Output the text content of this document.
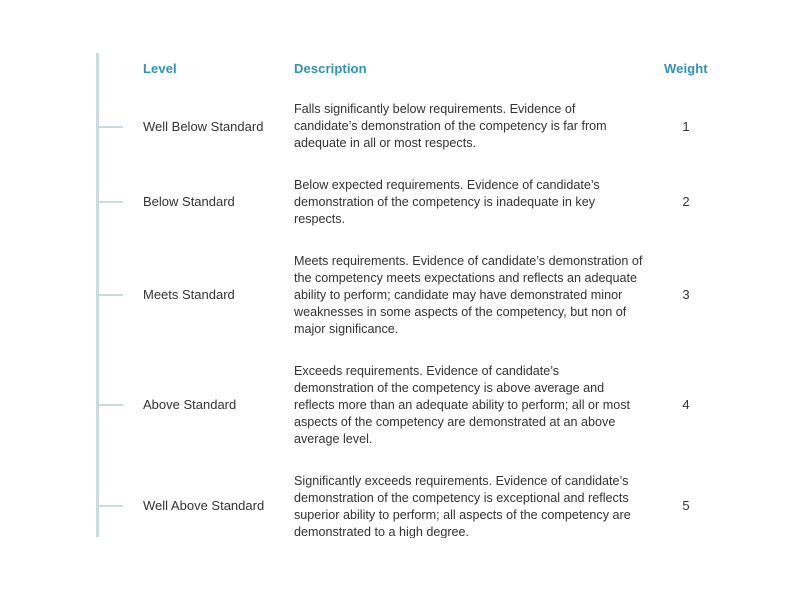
Level	Description	Weight
Well Below Standard
Falls significantly below requirements. Evidence of candidate’s demonstration of the competency is far from adequate in all or most respects.
1
Below Standard
Below expected requirements. Evidence of candidate’s demonstration of the competency is inadequate in key respects.
2
Meets Standard
Meets requirements. Evidence of candidate’s demonstration of the competency meets expectations and reflects an adequate ability to perform; candidate may have demonstrated minor weaknesses in some aspects of the competency, but non of major significance.
3
Above Standard
Exceeds requirements. Evidence of candidate’s demonstration of the competency is above average and reflects more than an adequate ability to perform; all or most aspects of the competency are demonstrated at an above average level.
4
Well Above Standard
Significantly exceeds requirements. Evidence of candidate’s demonstration of the competency is exceptional and reflects superior ability to perform; all aspects of the competency are demonstrated to a high degree.
5
